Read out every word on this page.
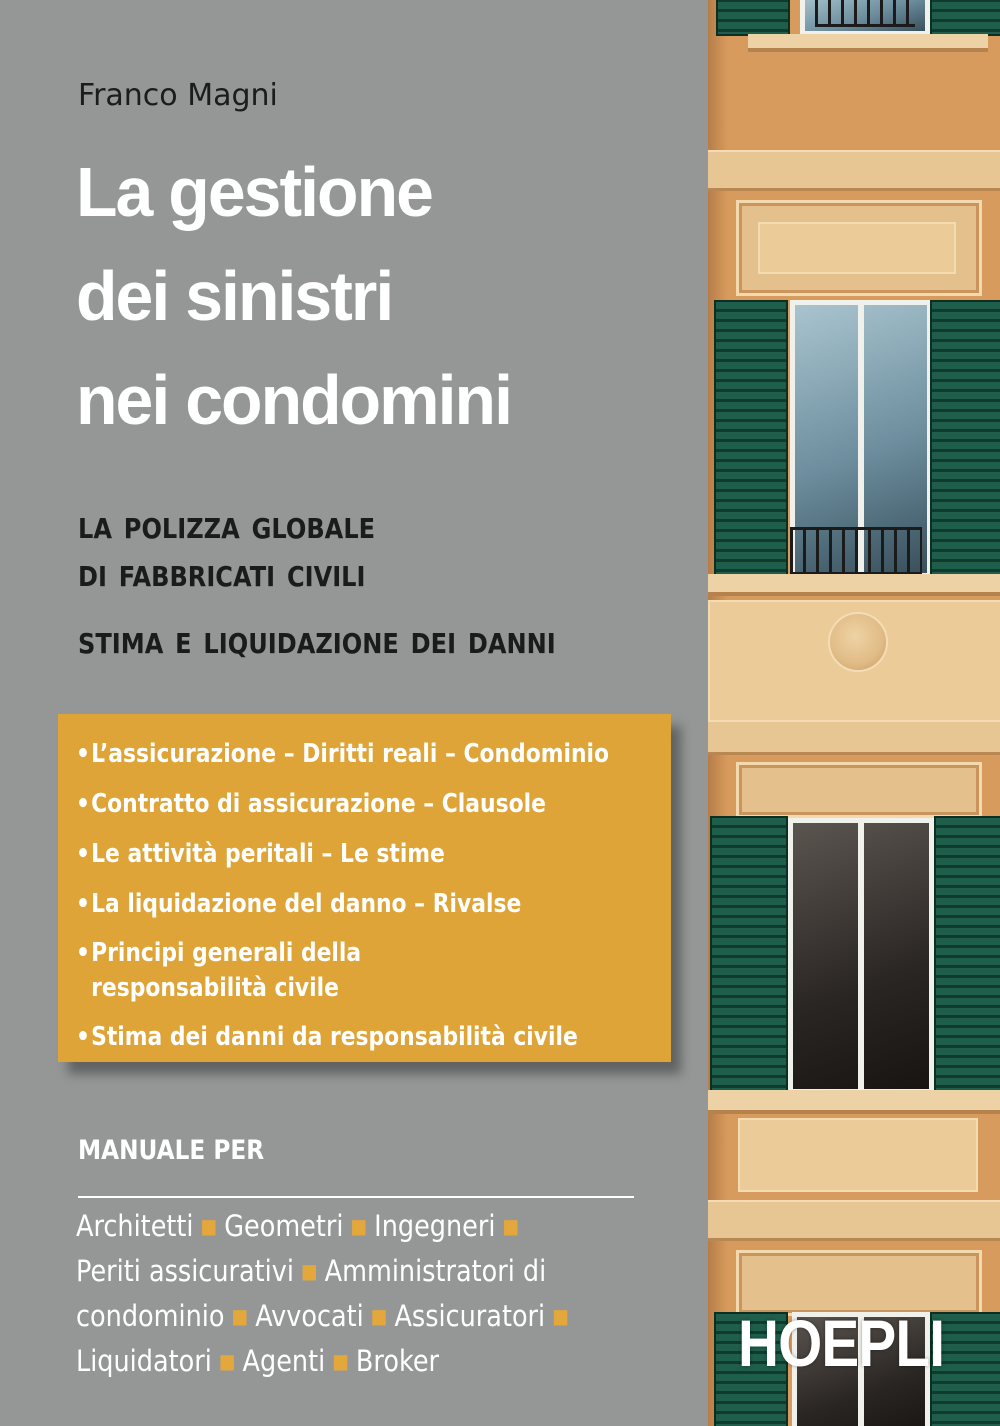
Franco Magni
La gestione
dei sinistri
nei condomini
LA POLIZZA GLOBALE
DI FABBRICATI CIVILI
STIMA E LIQUIDAZIONE DEI DANNI
• L’assicurazione – Diritti reali – Condominio
• Contratto di assicurazione – Clausole
• Le attività peritali – Le stime
• La liquidazione del danno – Rivalse
• Principi generali della
responsabilità civile
• Stima dei danni da responsabilità civile
MANUALE PER
Architetti ■ Geometri ■ Ingegneri ■
Periti assicurativi ■ Amministratori di
condominio ■ Avvocati ■ Assicuratori ■
Liquidatori ■ Agenti ■ Broker	HOEPLI
